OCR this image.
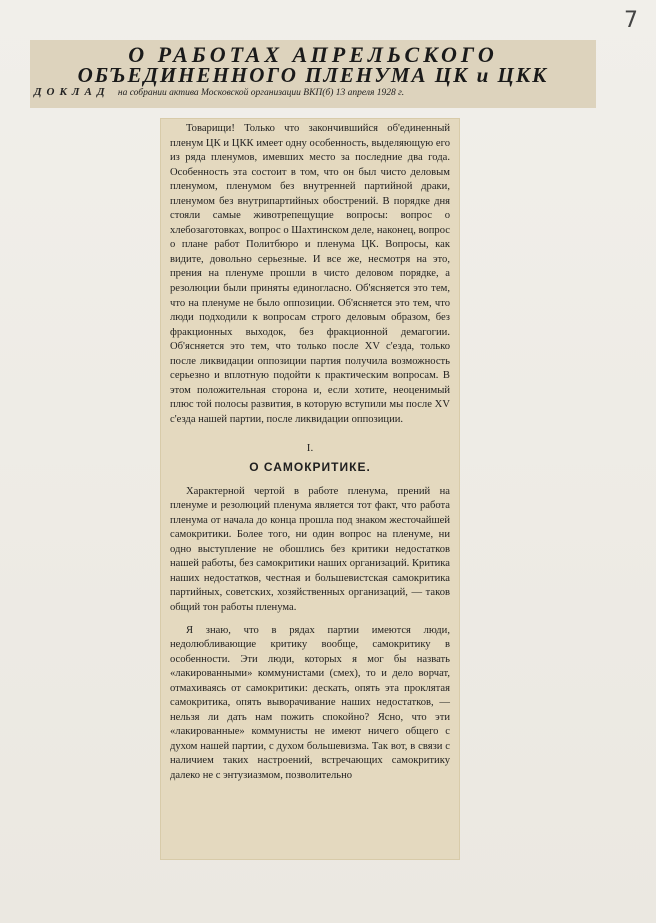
7
О РАБОТАХ АПРЕЛЬСКОГО
ОБЪЕДИНЕННОГО ПЛЕНУМА ЦК и ЦКК
ДОКЛАД на собрании актива Московской организации ВКП(б) 13 апреля 1928 г.

Товарищи! Только что закончившийся об'единенный пленум ЦК и ЦКК имеет одну особенность, выделяющую его из ряда пленумов, имевших место за последние два года. Особенность эта состоит в том, что он был чисто деловым пленумом, пленумом без внутренней партийной драки, пленумом без внутрипартийных обострений. В порядке дня стояли самые животрепещущие вопросы: вопрос о хлебозаготовках, вопрос о Шахтинском деле, наконец, вопрос о плане работ Политбюро и пленума ЦК. Вопросы, как видите, довольно серьезные. И все же, несмотря на это, прения на пленуме прошли в чисто деловом порядке, а резолюции были приняты единогласно. Об'ясняется это тем, что на пленуме не было оппозиции. Об'ясняется это тем, что люди подходили к вопросам строго деловым образом, без фракционных выходок, без фракционной демагогии. Об'ясняется это тем, что только после XV с'езда, только после ликвидации оппозиции партия получила возможность серьезно и вплотную подойти к практическим вопросам. В этом положительная сторона и, если хотите, неоценимый плюс той полосы развития, в которую вступили мы после XV с'езда нашей партии, после ликвидации оппозиции.

I.
О САМОКРИТИКЕ.

Характерной чертой в работе пленума, прений на пленуме и резолюций пленума является тот факт, что работа пленума от начала до конца прошла под знаком жесточайшей самокритики. Более того, ни один вопрос на пленуме, ни одно выступление не обошлись без критики недостатков нашей работы, без самокритики наших организаций. Критика наших недостатков, честная и большевистская самокритика партийных, советских, хозяйственных организаций, — таков общий тон работы пленума.

Я знаю, что в рядах партии имеются люди, недолюбливающие критику вообще, самокритику в особенности. Эти люди, которых я мог бы назвать «лакированными» коммунистами (смех), то и дело ворчат, отмахиваясь от самокритики: дескать, опять эта проклятая самокритика, опять выворачивание наших недостатков, — нельзя ли дать нам пожить спокойно? Ясно, что эти «лакированные» коммунисты не имеют ничего общего с духом нашей партии, с духом большевизма. Так вот, в связи с наличием таких настроений, встречающих самокритику далеко не с энтузиазмом, позволительно
